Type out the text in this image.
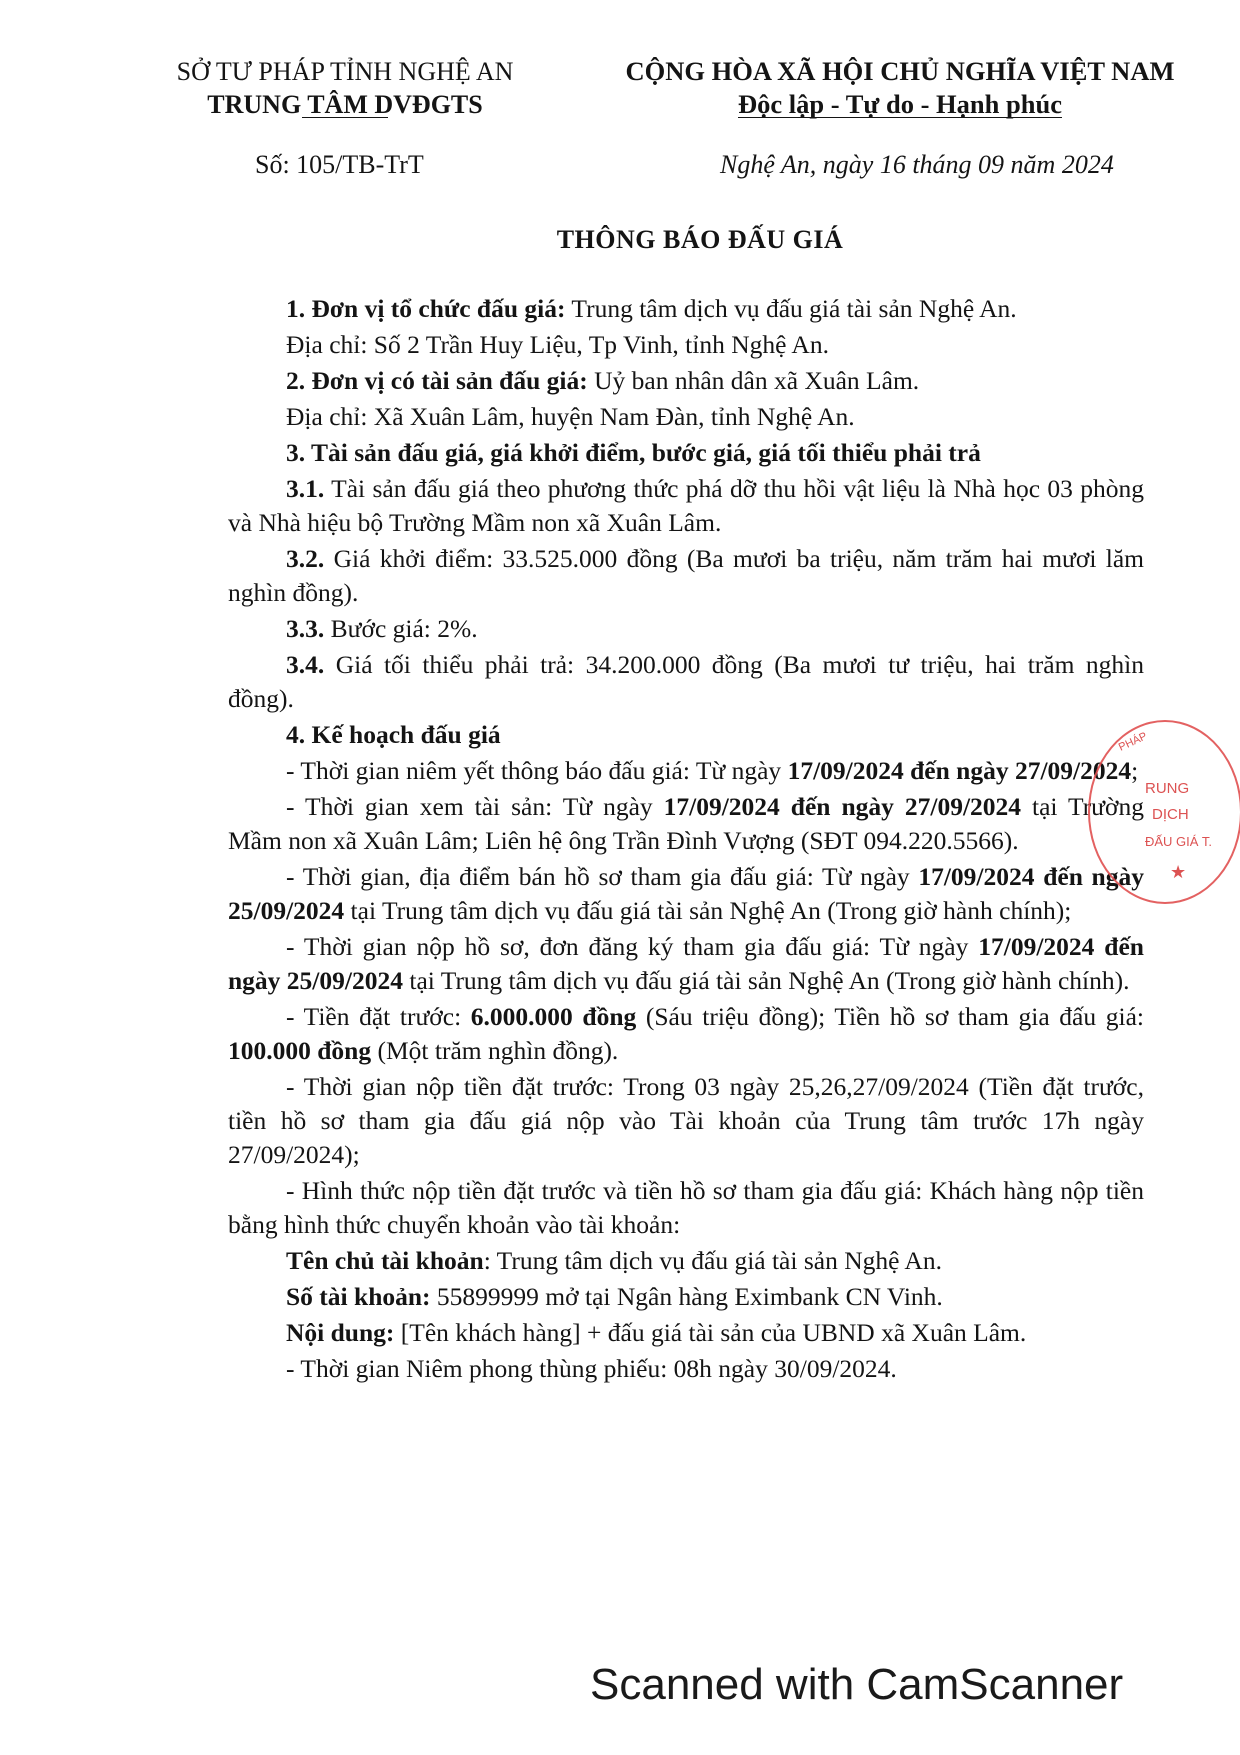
SỞ TƯ PHÁP TỈNH NGHỆ AN
TRUNG TÂM DVĐGTS
CỘNG HÒA XÃ HỘI CHỦ NGHĨA VIỆT NAM
Độc lập - Tự do - Hạnh phúc
Số: 105/TB-TrT	Nghệ An, ngày 16 tháng 09 năm 2024
THÔNG BÁO ĐẤU GIÁ

1. Đơn vị tổ chức đấu giá: Trung tâm dịch vụ đấu giá tài sản Nghệ An.

Địa chỉ: Số 2 Trần Huy Liệu, Tp Vinh, tỉnh Nghệ An.

2. Đơn vị có tài sản đấu giá: Uỷ ban nhân dân xã Xuân Lâm.

Địa chỉ: Xã Xuân Lâm, huyện Nam Đàn, tỉnh Nghệ An.

3. Tài sản đấu giá, giá khởi điểm, bước giá, giá tối thiểu phải trả

3.1. Tài sản đấu giá theo phương thức phá dỡ thu hồi vật liệu là Nhà học 03 phòng và Nhà hiệu bộ Trường Mầm non xã Xuân Lâm.

3.2. Giá khởi điểm: 33.525.000 đồng (Ba mươi ba triệu, năm trăm hai mươi lăm nghìn đồng).

3.3. Bước giá: 2%.

3.4. Giá tối thiểu phải trả: 34.200.000 đồng (Ba mươi tư triệu, hai trăm nghìn đồng).

4. Kế hoạch đấu giá

- Thời gian niêm yết thông báo đấu giá: Từ ngày 17/09/2024 đến ngày 27/09/2024;

- Thời gian xem tài sản: Từ ngày 17/09/2024 đến ngày 27/09/2024 tại Trường Mầm non xã Xuân Lâm; Liên hệ ông Trần Đình Vượng (SĐT 094.220.5566).

- Thời gian, địa điểm bán hồ sơ tham gia đấu giá: Từ ngày 17/09/2024 đến ngày 25/09/2024 tại Trung tâm dịch vụ đấu giá tài sản Nghệ An (Trong giờ hành chính);

- Thời gian nộp hồ sơ, đơn đăng ký tham gia đấu giá: Từ ngày 17/09/2024 đến ngày 25/09/2024 tại Trung tâm dịch vụ đấu giá tài sản Nghệ An (Trong giờ hành chính).

- Tiền đặt trước: 6.000.000 đồng (Sáu triệu đồng); Tiền hồ sơ tham gia đấu giá: 100.000 đồng (Một trăm nghìn đồng).

- Thời gian nộp tiền đặt trước: Trong 03 ngày 25,26,27/09/2024 (Tiền đặt trước, tiền hồ sơ tham gia đấu giá nộp vào Tài khoản của Trung tâm trước 17h ngày 27/09/2024);

- Hình thức nộp tiền đặt trước và tiền hồ sơ tham gia đấu giá: Khách hàng nộp tiền bằng hình thức chuyển khoản vào tài khoản:

Tên chủ tài khoản: Trung tâm dịch vụ đấu giá tài sản Nghệ An.

Số tài khoản: 55899999 mở tại Ngân hàng Eximbank CN Vinh.

Nội dung: [Tên khách hàng] + đấu giá tài sản của UBND xã Xuân Lâm.

- Thời gian Niêm phong thùng phiếu: 08h ngày 30/09/2024.

PHÁP
RUNG
DỊCH
ĐẤU GIÁ T.
★
Scanned with CamScanner
